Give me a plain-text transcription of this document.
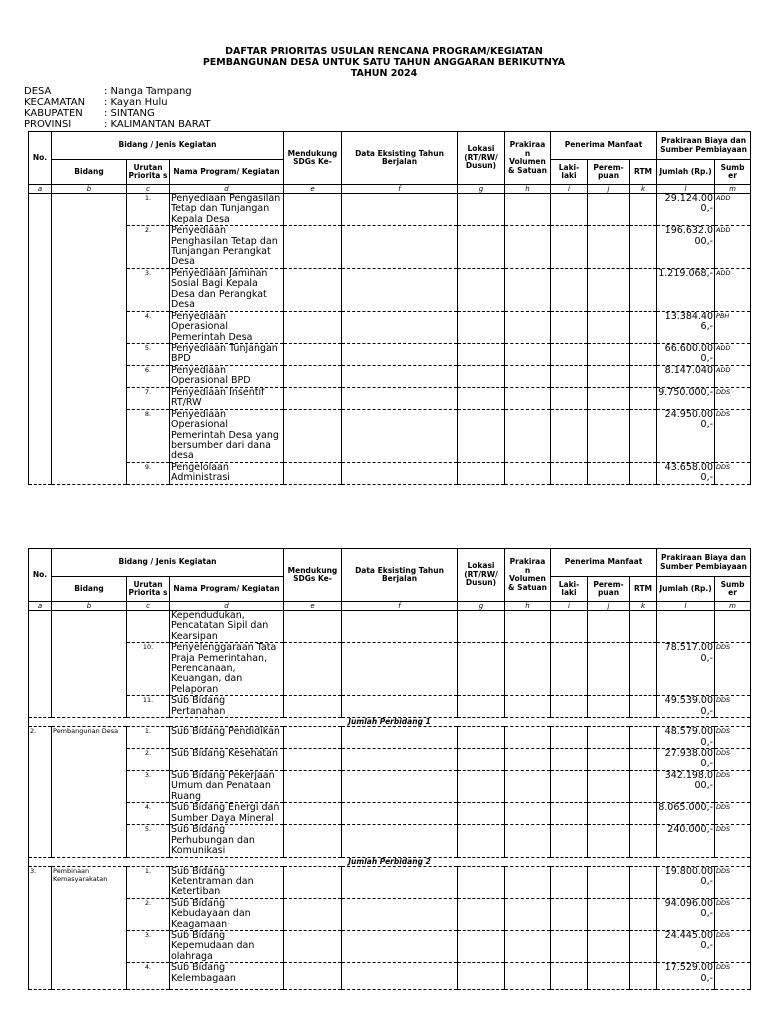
DAFTAR PRIORITAS USULAN RENCANA PROGRAM/KEGIATAN
PEMBANGUNAN DESA UNTUK SATU TAHUN ANGGARAN BERIKUTNYA
TAHUN 2024
DESA	: Nanga Tampang
KECAMATAN : Kayan Hulu
KABUPATEN : SINTANG
PROVINSI	: KALIMANTAN BARAT
No.	Bidang / Jenis Kegiatan			Mendukung SDGs Ke-	Data Eksisting Tahun Berjalan	Lokasi (RT/RW/ Dusun)	Prakiraa n Volumen & Satuan	Penerima Manfaat			Prakiraan Biaya dan Sumber Pembiayaan	
	Bidang	Urutan Priorita s	Nama Program/ Kegiatan					Laki-laki	Perem-puan	RTM	Jumlah (Rp.)	Sumb er
a	b	c	d	e	f	g	h	i	j	k	l	m
		1.	Penyediaan Pengasilan Tetap dan Tunjangan Kepala Desa								29.124.00 0,-	ADD
		2.	Penyediaan Penghasilan Tetap dan Tunjangan Perangkat Desa								196.632.0 00,-	ADD
		3.	Penyediaan Jaminan Sosial Bagi Kepala Desa dan Perangkat Desa								1.219.068,-	ADD
		4.	Penyediaan Operasional Pemerintah Desa								13.384.40 6,-	PBH
		5.	Penyediaan Tunjangan BPD								66.600.00 0,-	ADD
		6.	Penyediaan Operasional BPD								8.147.040	ADD
		7.	Penyediaan Insentif RT/RW								9.750.000,-	DDS
		8.	Penyediaan Operasional Pemerintah Desa yang bersumber dari dana desa								24.950.00 0,-	DDS
		9.	Pengelolaan Administrasi								43.658.00 0,-	DDS
No.	Bidang / Jenis Kegiatan			Mendukung SDGs Ke-	Data Eksisting Tahun Berjalan	Lokasi (RT/RW/ Dusun)	Prakiraa n Volumen & Satuan	Penerima Manfaat			Prakiraan Biaya dan Sumber Pembiayaan	
	Bidang	Urutan Priorita s	Nama Program/ Kegiatan					Laki-laki	Perem-puan	RTM	Jumlah (Rp.)	Sumb er
a	b	c	d	e	f	g	h	i	j	k	l	m
			Kependudukan, Pencatatan Sipil dan Kearsipan									
		10.	Penyelenggaraan Tata Praja Pemerintahan, Perencanaan, Keuangan, dan Pelaporan								78.517.00 0,-	DDS
		11.	Sub Bidang Pertanahan								49.539.00 0,-	DDS
Jumlah Perbidang 1												
2.	Pembangunan Desa	1.	Sub Bidang Pendidikan								48.579.00 0,-	DDS
		2.	Sub Bidang Kesehatan								27.938.00 0,-	DDS
		3.	Sub Bidang Pekerjaan Umum dan Penataan Ruang								342.198.0 00,-	DDS
		4.	Sub Bidang Energi dan Sumber Daya Mineral								8.065.000,-	DDS
		5.	Sub Bidang Perhubungan dan Komunikasi								240.000,-	DDS
Jumlah Perbidang 2												
3.	Pembinaan Kemasyarakatan	1.	Sub Bidang Ketentraman dan Ketertiban								19.800.00 0,-	DDS
		2.	Sub Bidang Kebudayaan dan Keagamaan								94.096.00 0,-	DDS
		3.	Sub Bidang Kepemudaan dan olahraga								24.445.00 0,-	DDS
		4.	Sub Bidang Kelembagaan								17.529.00 0,-	DDS
